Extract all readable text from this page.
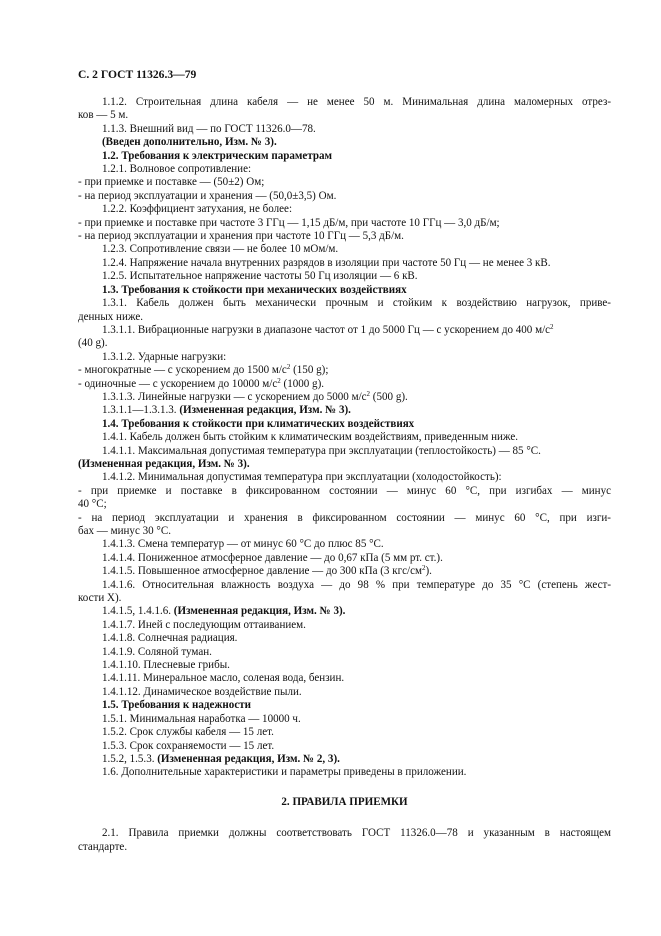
С. 2 ГОСТ 11326.3—79
1.1.2. Строительная длина кабеля — не менее 50 м. Минимальная длина маломерных отрез-
ков — 5 м.
1.1.3. Внешний вид — по ГОСТ 11326.0—78.
(Введен дополнительно, Изм. № 3).
1.2. Требования к электрическим параметрам
1.2.1. Волновое сопротивление:
- при приемке и поставке — (50±2) Ом;
- на период эксплуатации и хранения — (50,0±3,5) Ом.
1.2.2. Коэффициент затухания, не более:
- при приемке и поставке при частоте 3 ГГц — 1,15 дБ/м, при частоте 10 ГГц — 3,0 дБ/м;
- на период эксплуатации и хранения при частоте 10 ГГц — 5,3 дБ/м.
1.2.3. Сопротивление связи — не более 10 мОм/м.
1.2.4. Напряжение начала внутренних разрядов в изоляции при частоте 50 Гц — не менее 3 кВ.
1.2.5. Испытательное напряжение частоты 50 Гц изоляции — 6 кВ.
1.3. Требования к стойкости при механических воздействиях
1.3.1. Кабель должен быть механически прочным и стойким к воздействию нагрузок, приве-
денных ниже.
1.3.1.1. Вибрационные нагрузки в диапазоне частот от 1 до 5000 Гц — с ускорением до 400 $м/с^2$
(40 g).
1.3.1.2. Ударные нагрузки:
- многократные — с ускорением до 1500 $м/с^2$ (150 g);
- одиночные — с ускорением до 10000 $м/с^2$ (1000 g).
1.3.1.3. Линейные нагрузки — с ускорением до 5000 $м/с^2$ (500 g).
1.3.1.1—1.3.1.3. (Измененная редакция, Изм. № 3).
1.4. Требования к стойкости при климатических воздействиях
1.4.1. Кабель должен быть стойким к климатическим воздействиям, приведенным ниже.
1.4.1.1. Максимальная допустимая температура при эксплуатации (теплостойкость) — 85 °С.
(Измененная редакция, Изм. № 3).
1.4.1.2. Минимальная допустимая температура при эксплуатации (холодостойкость):
- при приемке и поставке в фиксированном состоянии — минус 60 °С, при изгибах — минус
40 °С;
- на период эксплуатации и хранения в фиксированном состоянии — минус 60 °С, при изги-
бах — минус 30 °С.
1.4.1.3. Смена температур — от минус 60 °С до плюс 85 °С.
1.4.1.4. Пониженное атмосферное давление — до 0,67 кПа (5 мм рт. ст.).
1.4.1.5. Повышенное атмосферное давление — до 300 кПа (3 кгс/$см^2$).
1.4.1.6. Относительная влажность воздуха — до 98 % при температуре до 35 °С (степень жест-
кости X).
1.4.1.5, 1.4.1.6. (Измененная редакция, Изм. № 3).
1.4.1.7. Иней с последующим оттаиванием.
1.4.1.8. Солнечная радиация.
1.4.1.9. Соляной туман.
1.4.1.10. Плесневые грибы.
1.4.1.11. Минеральное масло, соленая вода, бензин.
1.4.1.12. Динамическое воздействие пыли.
1.5. Требования к надежности
1.5.1. Минимальная наработка — 10000 ч.
1.5.2. Срок службы кабеля — 15 лет.
1.5.3. Срок сохраняемости — 15 лет.
1.5.2, 1.5.3. (Измененная редакция, Изм. № 2, 3).
1.6. Дополнительные характеристики и параметры приведены в приложении.
2. ПРАВИЛА ПРИЕМКИ
2.1. Правила приемки должны соответствовать ГОСТ 11326.0—78 и указанным в настоящем
стандарте.
